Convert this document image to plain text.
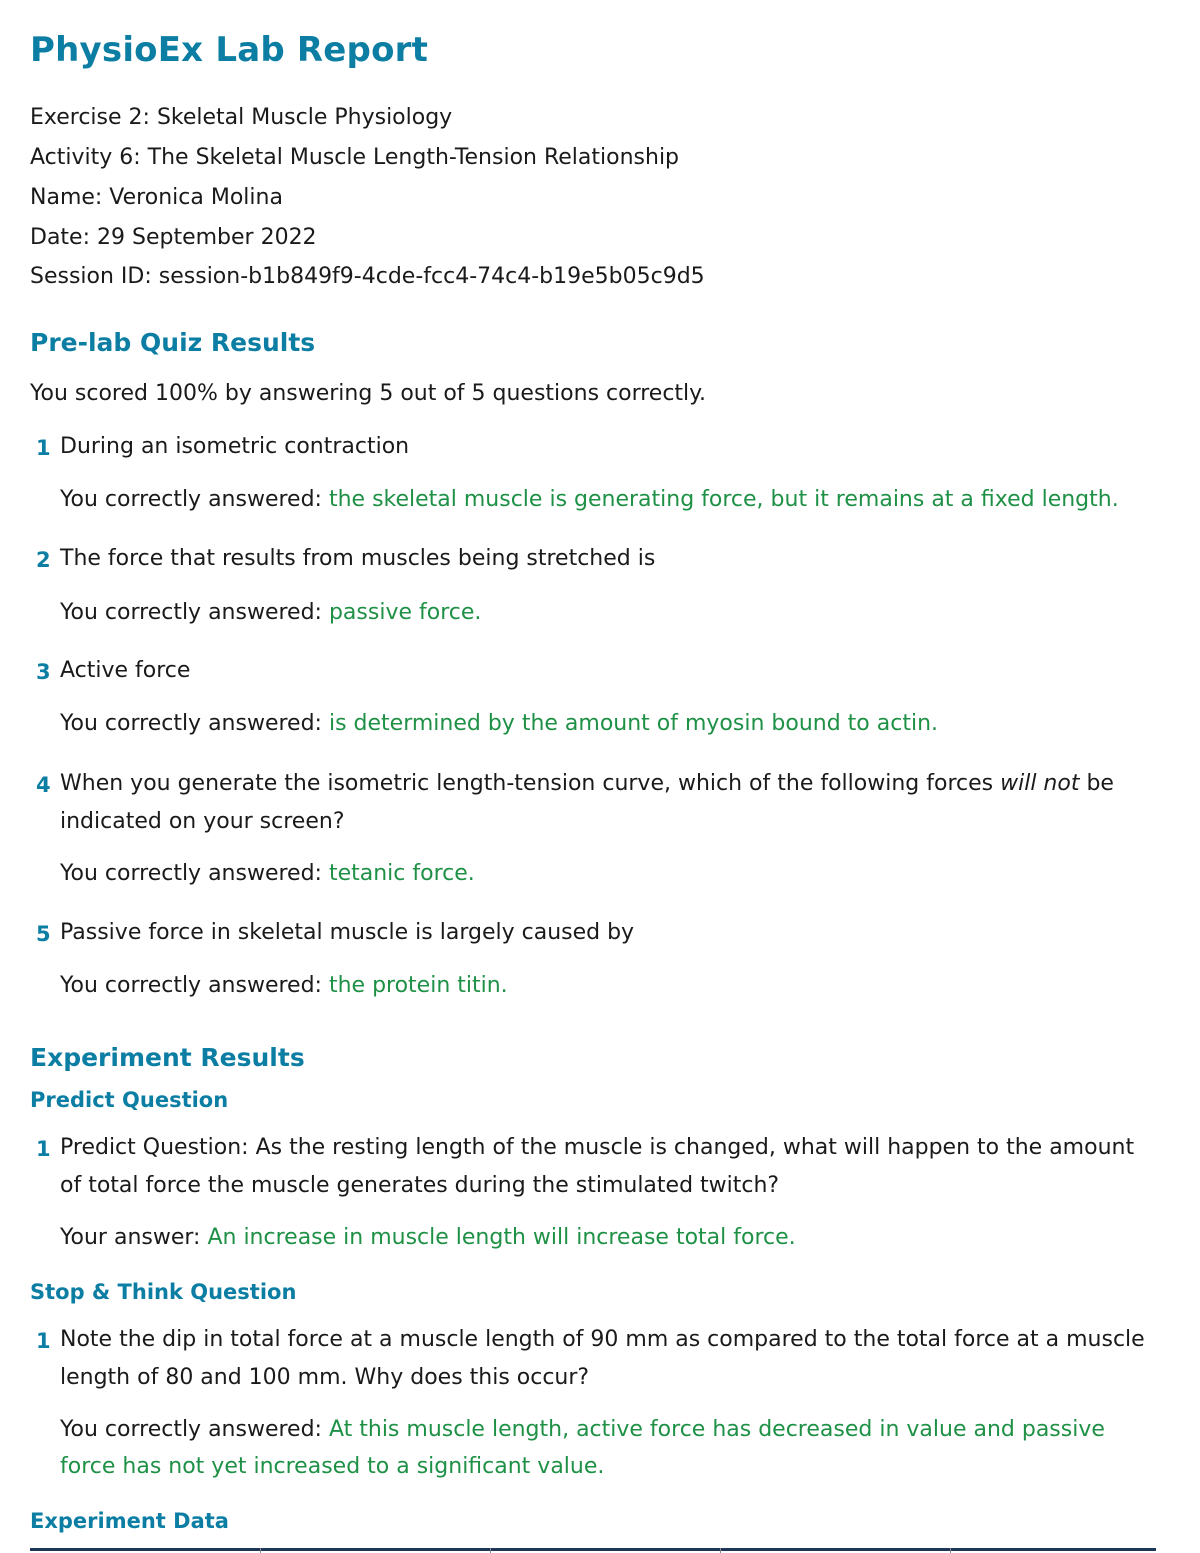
PhysioEx Lab Report

Exercise 2: Skeletal Muscle Physiology

Activity 6: The Skeletal Muscle Length-Tension Relationship

Name: Veronica Molina

Date: 29 September 2022

Session ID: session-b1b849f9-4cde-fcc4-74c4-b19e5b05c9d5

Pre-lab Quiz Results

You scored 100% by answering 5 out of 5 questions correctly.

1 During an isometric contraction

You correctly answered: the skeletal muscle is generating force, but it remains at a fixed length.

2 The force that results from muscles being stretched is

You correctly answered: passive force.

3 Active force

You correctly answered: is determined by the amount of myosin bound to actin.

4 When you generate the isometric length-tension curve, which of the following forces will not be indicated on your screen?

You correctly answered: tetanic force.

5 Passive force in skeletal muscle is largely caused by

You correctly answered: the protein titin.

Experiment Results
Predict Question
1 Predict Question: As the resting length of the muscle is changed, what will happen to the amount of total force the muscle generates during the stimulated twitch?

Your answer: An increase in muscle length will increase total force.

Stop & Think Question
1 Note the dip in total force at a muscle length of 90 mm as compared to the total force at a muscle length of 80 and 100 mm. Why does this occur?

You correctly answered: At this muscle length, active force has decreased in value and passive force has not yet increased to a significant value.

Experiment Data
